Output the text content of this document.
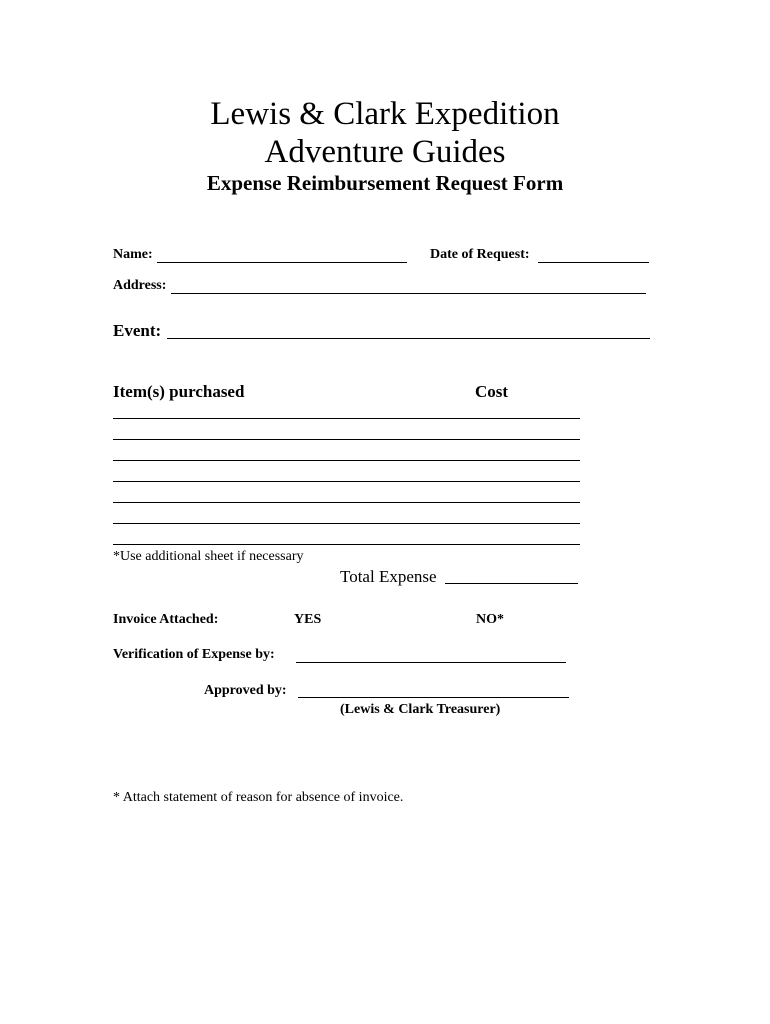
Lewis & Clark Expedition
Adventure Guides
Expense Reimbursement Request Form
Name:	Date of Request:
Address:
Event:
Item(s) purchased	Cost
*Use additional sheet if necessary
Total Expense
Invoice Attached:	YES	NO*
Verification of Expense by:
Approved by:
(Lewis & Clark Treasurer)
* Attach statement of reason for absence of invoice.
